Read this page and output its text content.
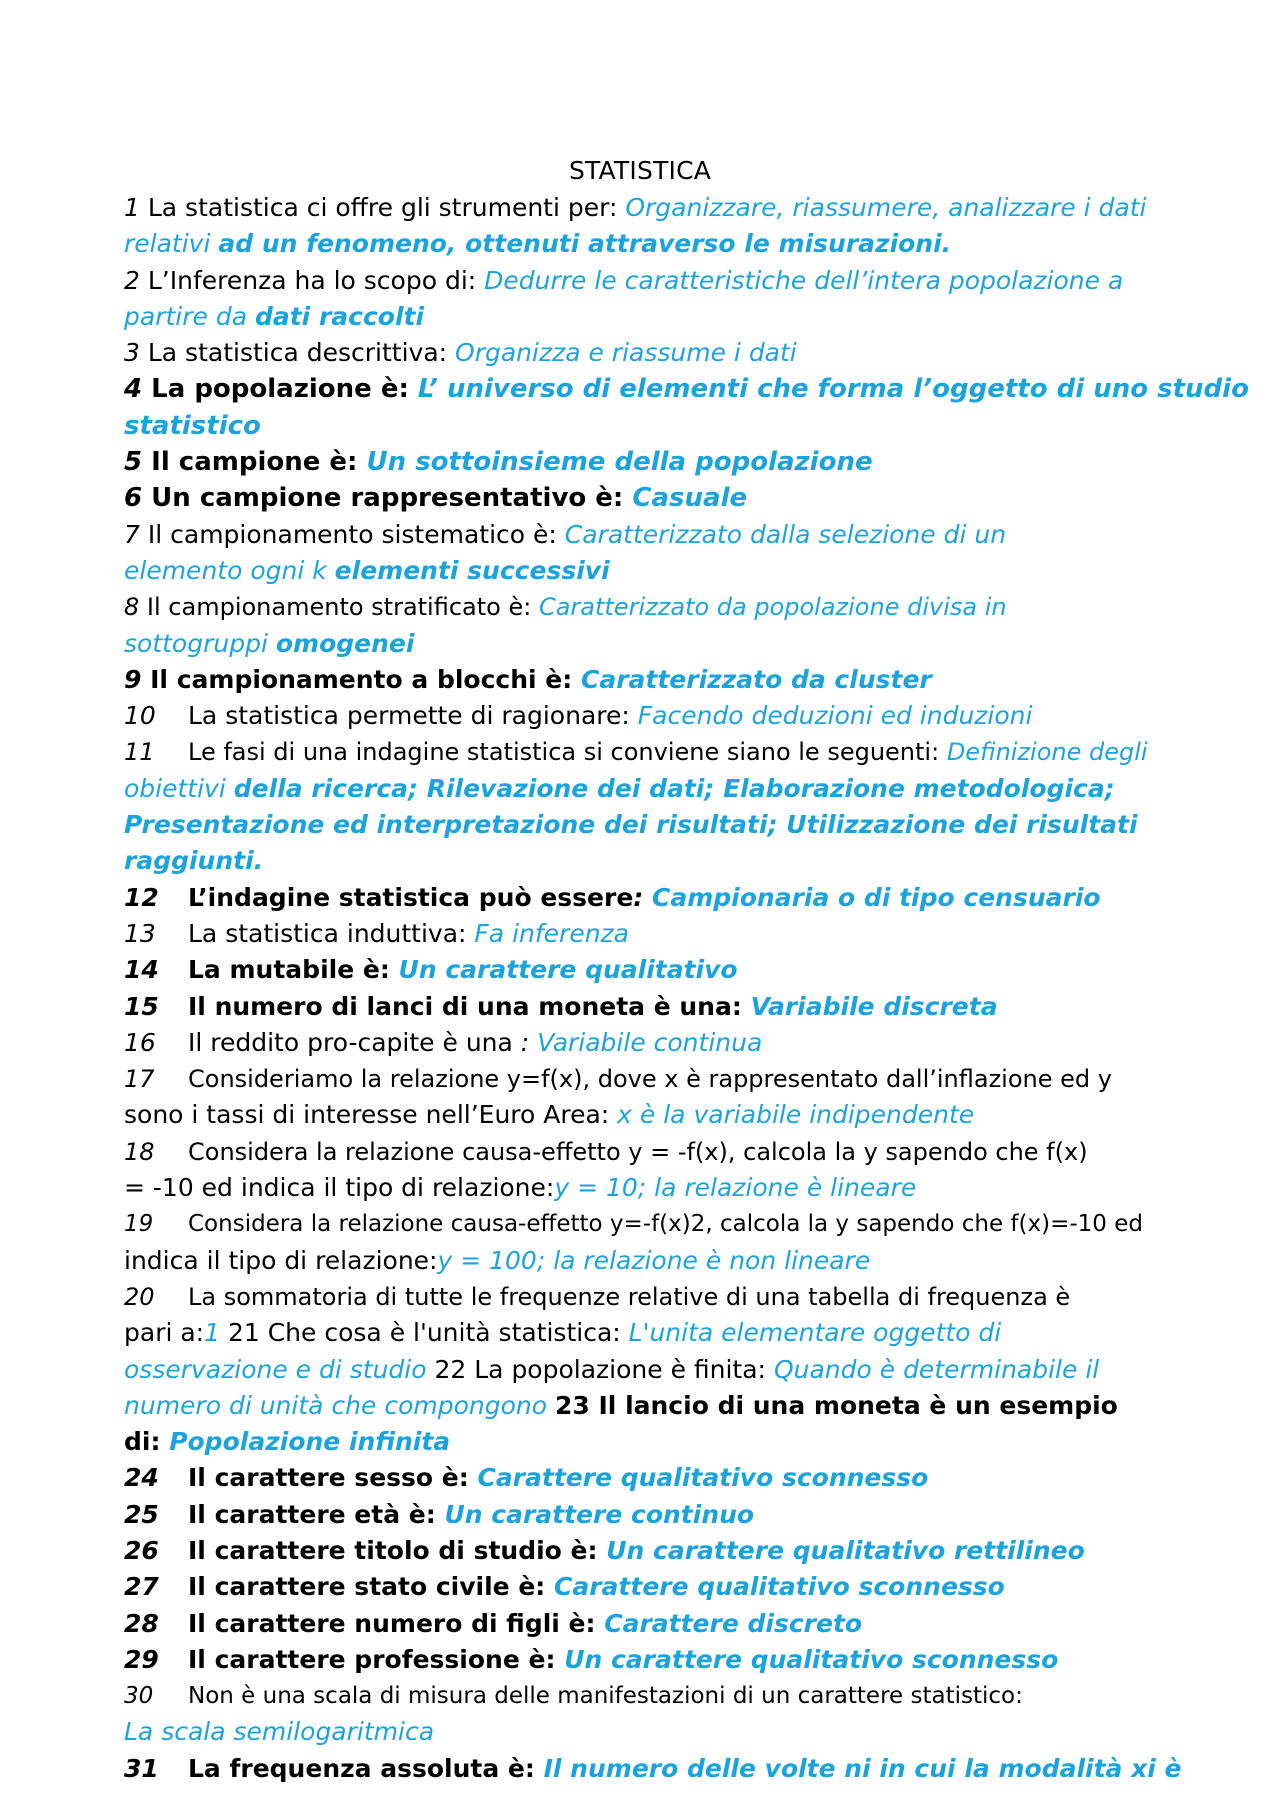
STATISTICA
1 La statistica ci offre gli strumenti per: Organizzare, riassumere, analizzare i dati
relativi ad un fenomeno, ottenuti attraverso le misurazioni.
2 L’Inferenza ha lo scopo di: Dedurre le caratteristiche dell’intera popolazione a
partire da dati raccolti
3 La statistica descrittiva: Organizza e riassume i dati
4 La popolazione è: L’ universo di elementi che forma l’oggetto di uno studio
statistico
5 Il campione è: Un sottoinsieme della popolazione
6 Un campione rappresentativo è: Casuale
7 Il campionamento sistematico è: Caratterizzato dalla selezione di un
elemento ogni k elementi successivi
8 Il campionamento stratificato è: Caratterizzato da popolazione divisa in
sottogruppi omogenei
9 Il campionamento a blocchi è: Caratterizzato da cluster
10 La statistica permette di ragionare: Facendo deduzioni ed induzioni
11 Le fasi di una indagine statistica si conviene siano le seguenti: Definizione degli
obiettivi della ricerca; Rilevazione dei dati; Elaborazione metodologica;
Presentazione ed interpretazione dei risultati; Utilizzazione dei risultati
raggiunti.
12 L’indagine statistica può essere: Campionaria o di tipo censuario
13 La statistica induttiva: Fa inferenza
14 La mutabile è: Un carattere qualitativo
15 Il numero di lanci di una moneta è una: Variabile discreta
16 Il reddito pro-capite è una : Variabile continua
17 Consideriamo la relazione y=f(x), dove x è rappresentato dall’inflazione ed y
sono i tassi di interesse nell’Euro Area: x è la variabile indipendente
18 Considera la relazione causa-effetto y = -f(x), calcola la y sapendo che f(x)
= -10 ed indica il tipo di relazione:y = 10; la relazione è lineare
19 Considera la relazione causa-effetto y=-f(x)2, calcola la y sapendo che f(x)=-10 ed
indica il tipo di relazione:y = 100; la relazione è non lineare
20 La sommatoria di tutte le frequenze relative di una tabella di frequenza è
pari a:1 21 Che cosa è l'unità statistica: L'unita elementare oggetto di
osservazione e di studio 22 La popolazione è finita: Quando è determinabile il
numero di unità che compongono 23 Il lancio di una moneta è un esempio
di: Popolazione infinita
24 Il carattere sesso è: Carattere qualitativo sconnesso
25 Il carattere età è: Un carattere continuo
26 Il carattere titolo di studio è: Un carattere qualitativo rettilineo
27 Il carattere stato civile è: Carattere qualitativo sconnesso
28 Il carattere numero di figli è: Carattere discreto
29 Il carattere professione è: Un carattere qualitativo sconnesso
30 Non è una scala di misura delle manifestazioni di un carattere statistico:
La scala semilogaritmica
31 La frequenza assoluta è: Il numero delle volte ni in cui la modalità xi è
